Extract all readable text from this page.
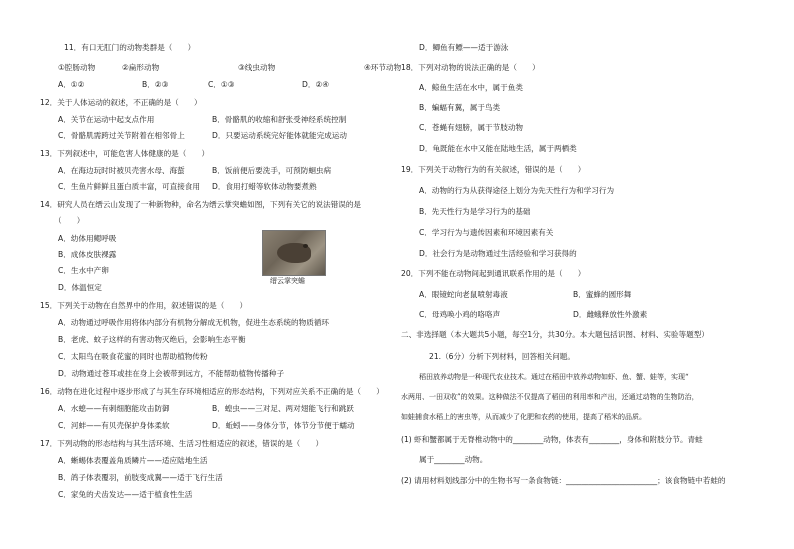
11．有口无肛门的动物类群是（　　）
①腔肠动物	②扁形动物	③线虫动物	④环节动物
A．①②	B．②③	C．①③	D．②④
12．关于人体运动的叙述，不正确的是（　　）
A．关节在运动中起支点作用	B．骨骼肌的收缩和舒张受神经系统控制
C．骨骼肌需跨过关节附着在相邻骨上	D．只要运动系统完好能体就能完成运动
13．下列叙述中，可能危害人体健康的是（　　）
A．在海边玩时时被贝壳害水母、海蜇	B．饭前便后要洗手，可预防蛔虫病
C．生鱼片鲜鲜且蛋白质丰富，可直接食用 D．食用打蜡等软体动物要煮熟
14．研究人员在缙云山发现了一种新物种，命名为缙云掌突蟾如图，下列有关它的说法错误的是
（　　）
A．幼体用鳃呼吸
B．成体皮肤裸露
C．生水中产卵
D．体温恒定
缙云掌突蟾
15．下列关于动物在自然界中的作用，叙述错误的是（　　）
A．动物通过呼吸作用将体内部分有机物分解成无机物，促进生态系统的物质循环
B．老虎、蚊子这样的有害动物灭绝后，会影响生态平衡
C．太阳鸟在吸食花蜜的同时也帮助植物传粉
D．动物通过苍耳或挂在身上会被带到远方，不能帮助植物传播种子
16．动物在进化过程中逐步形成了与其生存环境相适应的形态结构，下列对应关系不正确的是（　　）
A．水螅——有刺细胞能攻击防御	B．蝗虫——三对足、两对翅能飞行和跳跃
C．河蚌——有贝壳保护身体柔软	D．蚯蚓——身体分节，体节分节便于蠕动
17．下列动物的形态结构与其生活环境、生活习性相适应的叙述，错误的是（　　）
A．蜥蜴体表覆盖角质鳞片——适应陆地生活
B．鸽子体表覆羽，前肢变成翼——适于飞行生活
C．家兔的犬齿发达——适于植食性生活
D．鲫鱼有鳔——适于游泳
18．下列对动物的说法正确的是（　　）
A．鲸鱼生活在水中，属于鱼类
B．蝙蝠有翼，属于鸟类
C．苍蝇有翅膀，属于节肢动物
D．龟既能在水中又能在陆地生活，属于两栖类
19．下列关于动物行为的有关叙述，错误的是（　　）
A．动物的行为从获得途径上划分为先天性行为和学习行为
B．先天性行为是学习行为的基础
C．学习行为与遗传因素和环境因素有关
D．社会行为是动物通过生活经验和学习获得的
20．下列不能在动物间起到通讯联系作用的是（　　）
A．眼镜蛇向老鼠喷射毒液	B．蜜蜂的圆形舞
C．母鸡唤小鸡的咯咯声	D．雌蛾释放性外激素
二、非选择题（本大题共5小题，每空1分，共30分。本大题包括识图、材料、实验等题型）
21.（6分）分析下列材料，回答相关问题。
稻田放养动物是一种现代农业技术。通过在稻田中放养动物如虾、鱼、蟹、蛙等，实现“
水两用、一田双收”的效果。这种做法不仅提高了稻田的利用率和产出，还通过动物的生物防治，
如蛙捕食水稻上的害虫等，从而减少了化肥和农药的使用，提高了稻米的品质。
(1) 虾和蟹都属于无脊椎动物中的________动物，体表有________，身体和附肢分节。青蛙
属于________动物。
(2) 请用材料划线部分中的生物书写一条食物链：________________________；该食物链中若蛙的
